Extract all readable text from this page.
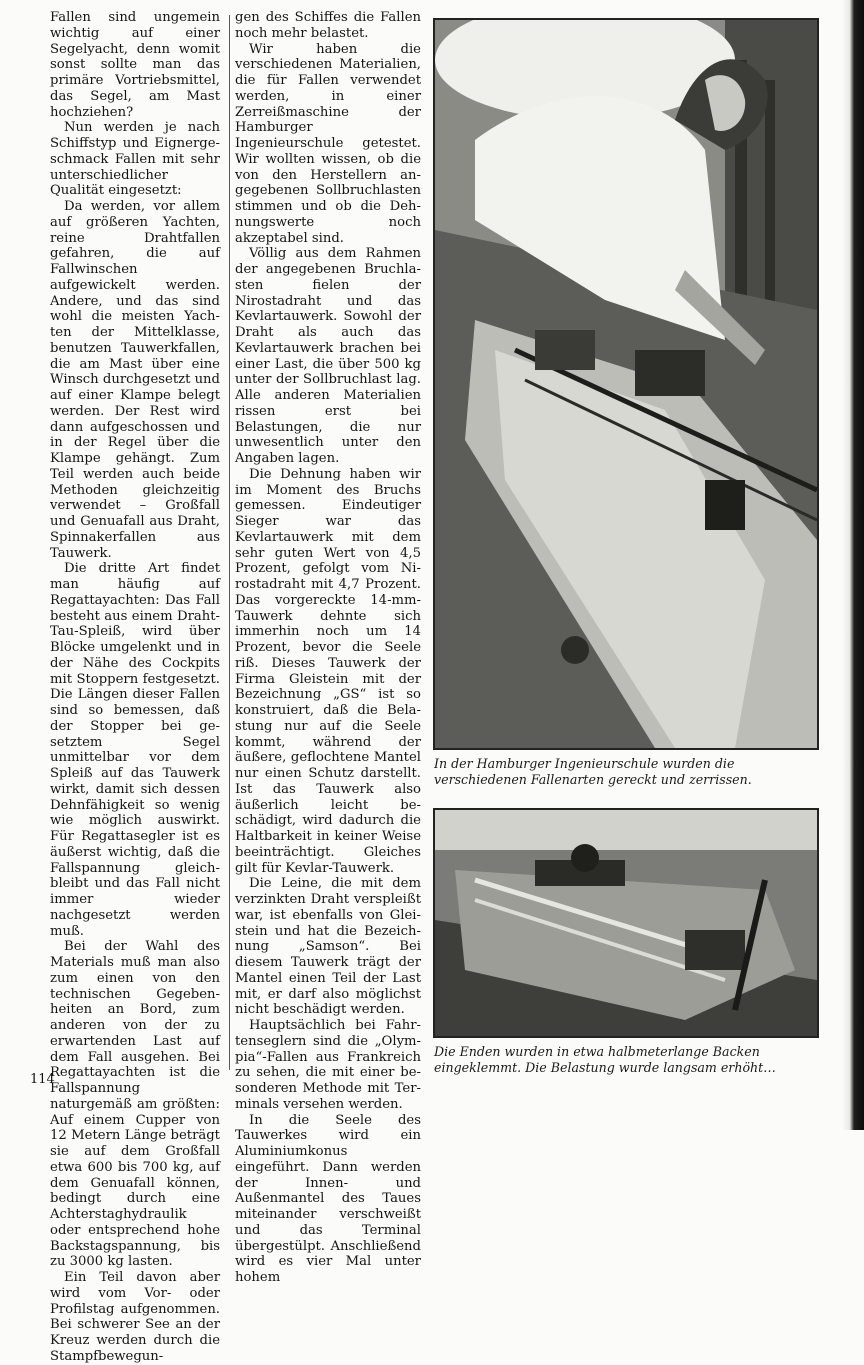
Fallen sind ungemein wichtig auf einer Segelyacht, denn womit sonst sollte man das primäre Vortriebsmittel, das Segel, am Mast hochziehen?

Nun werden je nach Schiffstyp und Eignergeschmack Fallen mit sehr unterschiedlicher Qualität eingesetzt:

Da werden, vor allem auf größeren Yachten, reine Drahtfallen gefahren, die auf Fallwinschen aufgewickelt werden. Andere, und das sind wohl die meisten Yachten der Mittelklasse, benutzen Tauwerkfallen, die am Mast über eine Winsch durchgesetzt und auf einer Klampe belegt werden. Der Rest wird dann aufgeschossen und in der Regel über die Klampe gehängt. Zum Teil werden auch beide Methoden gleichzeitig verwendet – Großfall und Genuafall aus Draht, Spinnakerfallen aus Tauwerk.

Die dritte Art findet man häufig auf Regattayachten: Das Fall besteht aus einem Draht-Tau-Spleiß, wird über Blöcke umgelenkt und in der Nähe des Cockpits mit Stoppern festgesetzt. Die Längen dieser Fallen sind so bemessen, daß der Stopper bei gesetztem Segel unmittelbar vor dem Spleiß auf das Tauwerk wirkt, damit sich dessen Dehnfähigkeit so wenig wie möglich auswirkt. Für Regattasegler ist es äußerst wichtig, daß die Fallspannung gleichbleibt und das Fall nicht immer wieder nachgesetzt werden muß.

Bei der Wahl des Materials muß man also zum einen von den technischen Gegebenheiten an Bord, zum anderen von der zu erwartenden Last auf dem Fall ausgehen. Bei Regattayachten ist die Fallspannung naturgemäß am größten: Auf einem Cupper von 12 Metern Länge beträgt sie auf dem Großfall etwa 600 bis 700 kg, auf dem Genuafall können, bedingt durch eine Achterstaghydraulik oder entsprechend hohe Backstagspannung, bis zu 3000 kg lasten.

Ein Teil davon aber wird vom Vor- oder Profilstag aufgenommen. Bei schwerer See an der Kreuz werden durch die Stampfbewegun-

gen des Schiffes die Fallen noch mehr belastet.

Wir haben die verschiedenen Materialien, die für Fallen verwendet werden, in einer Zerreißmaschine der Hamburger Ingenieurschule getestet. Wir wollten wissen, ob die von den Herstellern angegebenen Sollbruchlasten stimmen und ob die Dehnungswerte noch akzeptabel sind.

Völlig aus dem Rahmen der angegebenen Bruchlasten fielen der Nirostadraht und das Kevlartauwerk. Sowohl der Draht als auch das Kevlartauwerk brachen bei einer Last, die über 500 kg unter der Sollbruchlast lag. Alle anderen Materialien rissen erst bei Belastungen, die nur unwesentlich unter den Angaben lagen.

Die Dehnung haben wir im Moment des Bruchs gemessen. Eindeutiger Sieger war das Kevlartauwerk mit dem sehr guten Wert von 4,5 Prozent, gefolgt vom Nirostadraht mit 4,7 Prozent. Das vorgereckte 14-mm-Tauwerk dehnte sich immerhin noch um 14 Prozent, bevor die Seele riß. Dieses Tauwerk der Firma Gleistein mit der Bezeichnung „GS“ ist so konstruiert, daß die Belastung nur auf die Seele kommt, während der äußere, geflochtene Mantel nur einen Schutz darstellt. Ist das Tauwerk also äußerlich leicht beschädigt, wird dadurch die Haltbarkeit in keiner Weise beeinträchtigt. Gleiches gilt für Kevlar-Tauwerk.

Die Leine, die mit dem verzinkten Draht verspleißt war, ist ebenfalls von Gleistein und hat die Bezeichnung „Samson“. Bei diesem Tauwerk trägt der Mantel einen Teil der Last mit, er darf also möglichst nicht beschädigt werden.

Hauptsächlich bei Fahrtenseglern sind die „Olympia“-Fallen aus Frankreich zu sehen, die mit einer besonderen Methode mit Terminals versehen werden.

In die Seele des Tauwerkes wird ein Aluminiumkonus eingeführt. Dann werden der Innen- und Außenmantel des Taues miteinander verschweißt und das Terminal übergestülpt. Anschließend wird es vier Mal unter hohem

In der Hamburger Ingenieurschule wurden die verschiedenen Fallenarten gereckt und zerrissen.
Die Enden wurden in etwa halbmeterlange Backen eingeklemmt. Die Belastung wurde langsam erhöht…
114
